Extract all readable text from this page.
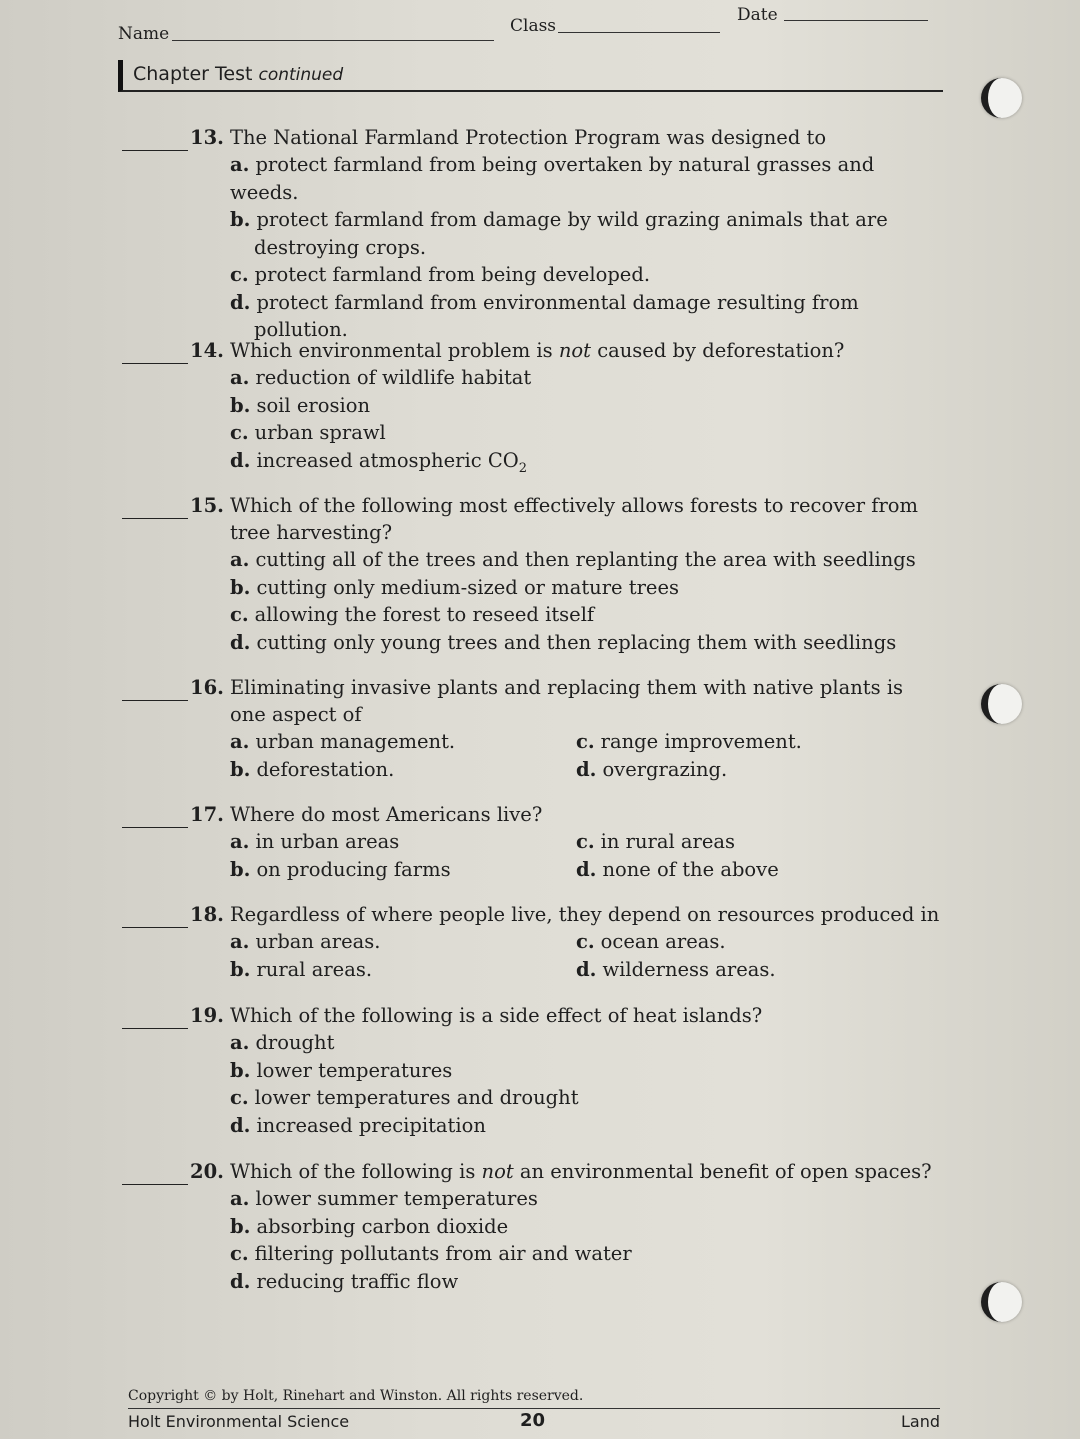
Name	Class
Date
Chapter Test continued
13. The National Farmland Protection Program was designed to
a. protect farmland from being overtaken by natural grasses and weeds.
b. protect farmland from damage by wild grazing animals that are
destroying crops.
c. protect farmland from being developed.
d. protect farmland from environmental damage resulting from
pollution.
14. Which environmental problem is not caused by deforestation?
a. reduction of wildlife habitat
b. soil erosion
c. urban sprawl
d. increased atmospheric $CO_2$
15. Which of the following most effectively allows forests to recover from
tree harvesting?
a. cutting all of the trees and then replanting the area with seedlings
b. cutting only medium-sized or mature trees
c. allowing the forest to reseed itself
d. cutting only young trees and then replacing them with seedlings
16. Eliminating invasive plants and replacing them with native plants is
one aspect of
a. urban management.	c. range improvement.
b. deforestation.	d. overgrazing.
17. Where do most Americans live?
a. in urban areas	c. in rural areas
b. on producing farms	d. none of the above
18. Regardless of where people live, they depend on resources produced in
a. urban areas.	c. ocean areas.
b. rural areas.	d. wilderness areas.
19. Which of the following is a side effect of heat islands?
a. drought
b. lower temperatures
c. lower temperatures and drought
d. increased precipitation
20. Which of the following is not an environmental benefit of open spaces?
a. lower summer temperatures
b. absorbing carbon dioxide
c. filtering pollutants from air and water
d. reducing traffic flow
Copyright © by Holt, Rinehart and Winston. All rights reserved.
Holt Environmental Science	20	Land
